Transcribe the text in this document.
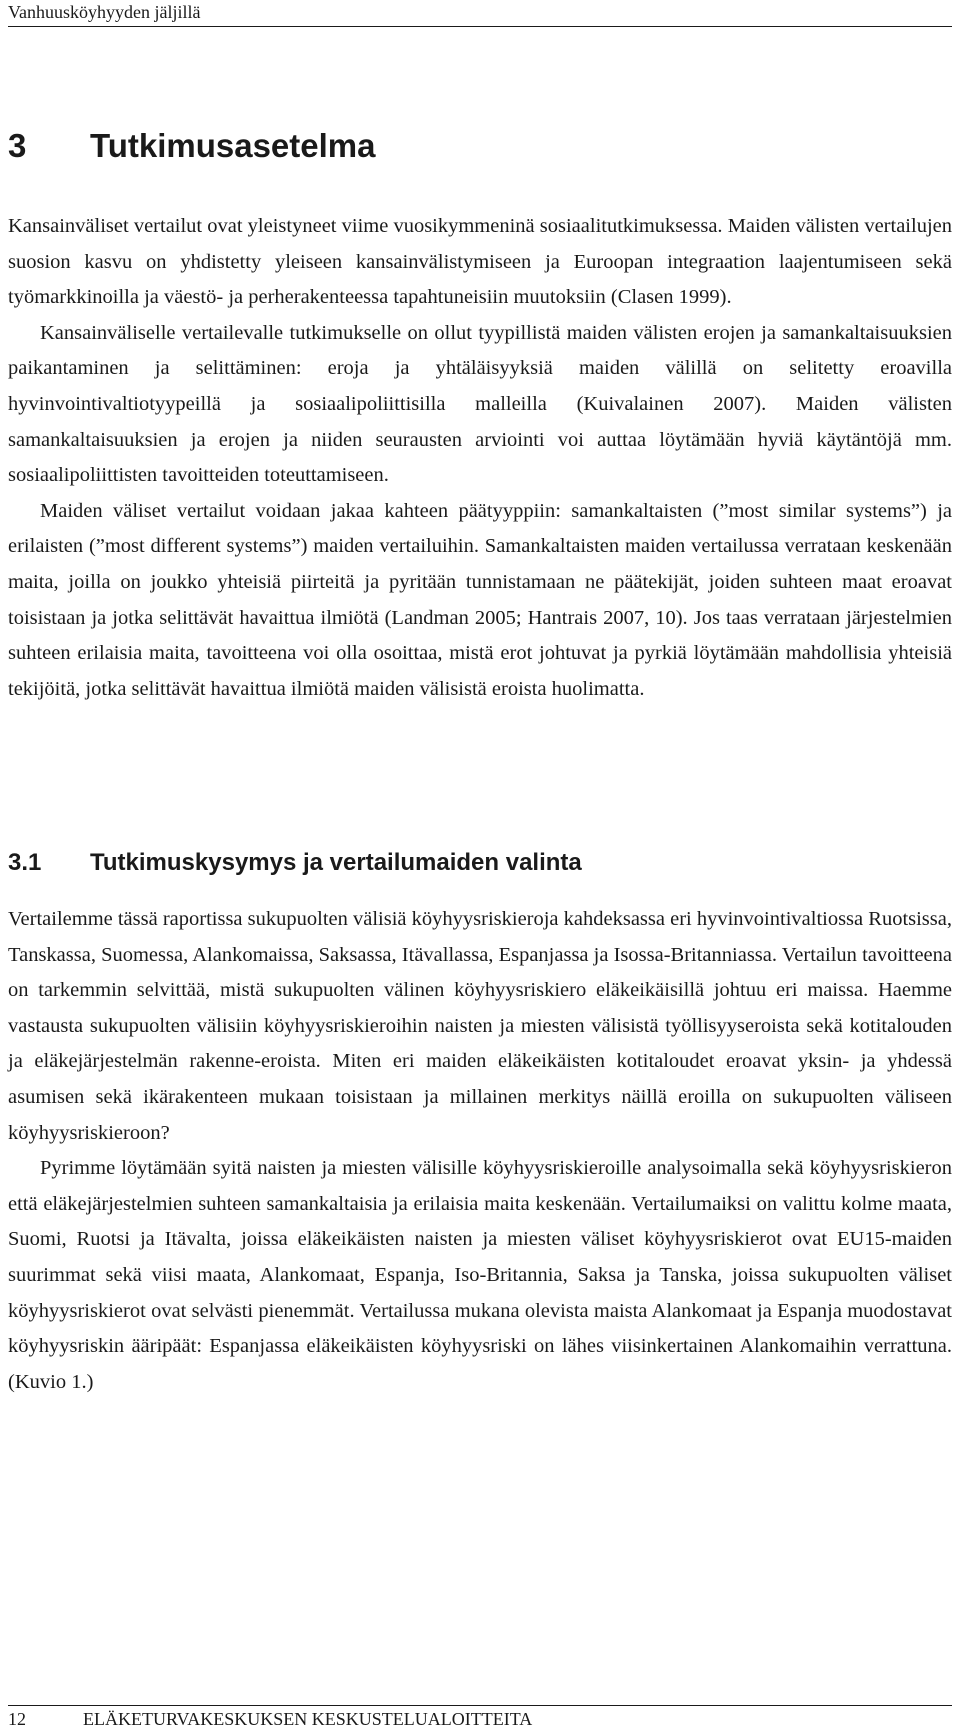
Vanhuusköyhyyden jäljillä
3 Tutkimusasetelma

Kansainväliset vertailut ovat yleistyneet viime vuosikymmeninä sosiaalitutkimuksessa. Maiden välisten vertailujen suosion kasvu on yhdistetty yleiseen kansainvälistymiseen ja Euroopan integraation laajentumiseen sekä työmarkkinoilla ja väestö- ja perherakenteessa tapahtuneisiin muutoksiin (Clasen 1999).

Kansainväliselle vertailevalle tutkimukselle on ollut tyypillistä maiden välisten erojen ja samankaltaisuuksien paikantaminen ja selittäminen: eroja ja yhtäläisyyksiä maiden välillä on selitetty eroavilla hyvinvointivaltiotyypeillä ja sosiaalipoliittisilla malleilla (Kuivalainen 2007). Maiden välisten samankaltaisuuksien ja erojen ja niiden seurausten arviointi voi auttaa löytämään hyviä käytäntöjä mm. sosiaalipoliittisten tavoitteiden toteuttamiseen.

Maiden väliset vertailut voidaan jakaa kahteen päätyyppiin: samankaltaisten (”most similar systems”) ja erilaisten (”most different systems”) maiden vertailuihin. Samankaltaisten maiden vertailussa verrataan keskenään maita, joilla on joukko yhteisiä piirteitä ja pyritään tunnistamaan ne päätekijät, joiden suhteen maat eroavat toisistaan ja jotka selittävät havaittua ilmiötä (Landman 2005; Hantrais 2007, 10). Jos taas verrataan järjestelmien suhteen erilaisia maita, tavoitteena voi olla osoittaa, mistä erot johtuvat ja pyrkiä löytämään mahdollisia yhteisiä tekijöitä, jotka selittävät havaittua ilmiötä maiden välisistä eroista huolimatta.

3.1 Tutkimuskysymys ja vertailumaiden valinta

Vertailemme tässä raportissa sukupuolten välisiä köyhyysriskieroja kahdeksassa eri hyvinvointivaltiossa Ruotsissa, Tanskassa, Suomessa, Alankomaissa, Saksassa, Itävallassa, Espanjassa ja Isossa-Britanniassa. Vertailun tavoitteena on tarkemmin selvittää, mistä sukupuolten välinen köyhyysriskiero eläkeikäisillä johtuu eri maissa. Haemme vastausta sukupuolten välisiin köyhyysriskieroihin naisten ja miesten välisistä työllisyyseroista sekä kotitalouden ja eläkejärjestelmän rakenne-eroista. Miten eri maiden eläkeikäisten kotitaloudet eroavat yksin- ja yhdessä asumisen sekä ikärakenteen mukaan toisistaan ja millainen merkitys näillä eroilla on sukupuolten väliseen köyhyysriskieroon?

Pyrimme löytämään syitä naisten ja miesten välisille köyhyysriskieroille analysoimalla sekä köyhyysriskieron että eläkejärjestelmien suhteen samankaltaisia ja erilaisia maita keskenään. Vertailumaiksi on valittu kolme maata, Suomi, Ruotsi ja Itävalta, joissa eläkeikäisten naisten ja miesten väliset köyhyysriskierot ovat EU15-maiden suurimmat sekä viisi maata, Alankomaat, Espanja, Iso-Britannia, Saksa ja Tanska, joissa sukupuolten väliset köyhyysriskierot ovat selvästi pienemmät. Vertailussa mukana olevista maista Alankomaat ja Espanja muodostavat köyhyysriskin ääripäät: Espanjassa eläkeikäisten köyhyysriski on lähes viisinkertainen Alankomaihin verrattuna. (Kuvio 1.)

12	ELÄKETURVAKESKUKSEN KESKUSTELUALOITTEITA
